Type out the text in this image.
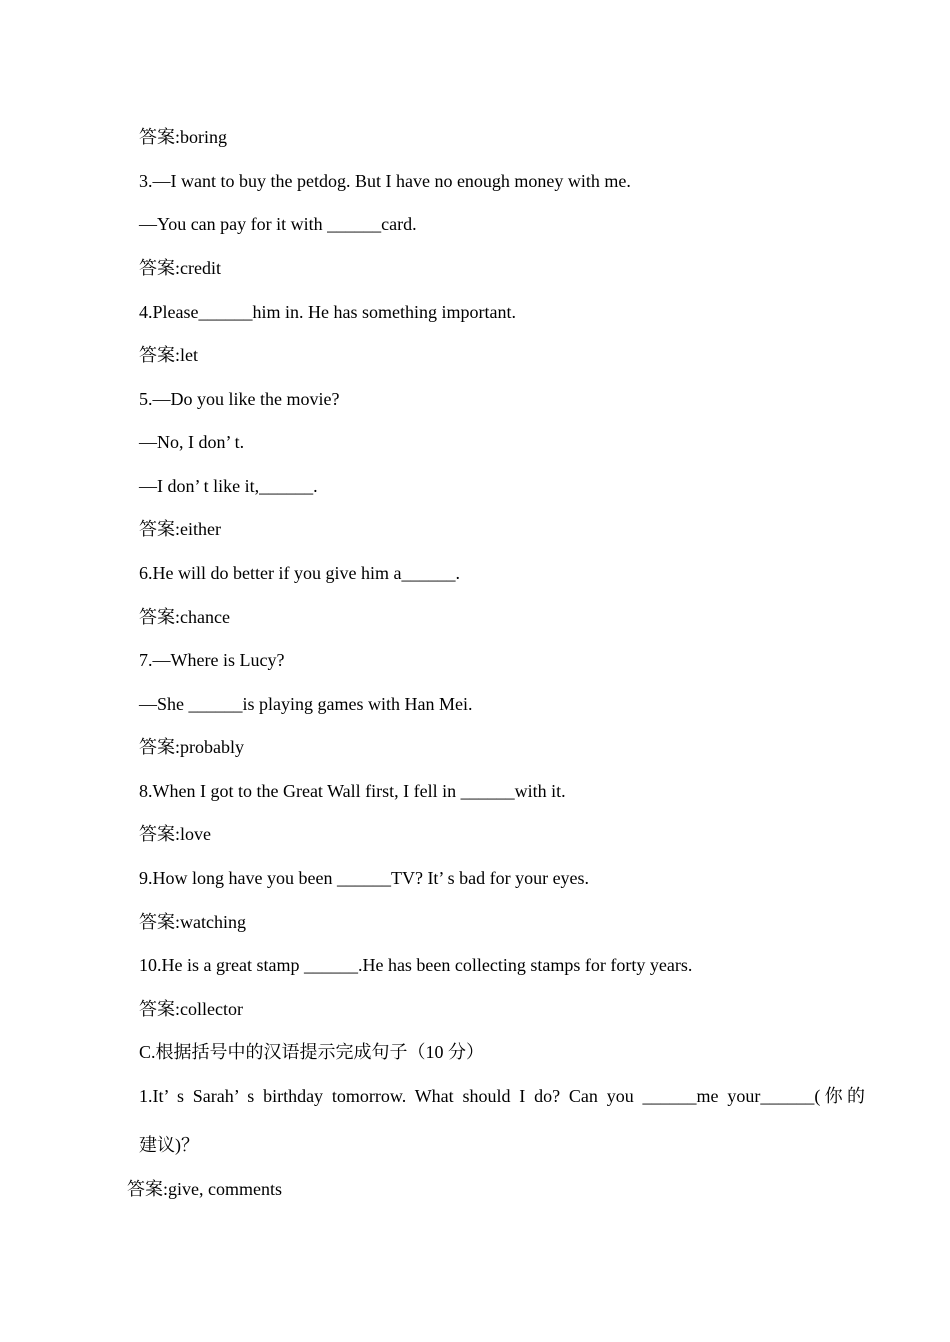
答案:boring
3.—I want to buy the petdog. But I have no enough money with me.
—You can pay for it with ______card.
答案:credit
4.Please______him in. He has something important.
答案:let
5.—Do you like the movie?
—No, I don’ t.
—I don’ t like it,______.
答案:either
6.He will do better if you give him a______.
答案:chance
7.—Where is Lucy?
—She ______is playing games with Han Mei.
答案:probably
8.When I got to the Great Wall first, I fell in ______with it.
答案:love
9.How long have you been ______TV? It’ s bad for your eyes.
答案:watching
10.He is a great stamp ______.He has been collecting stamps for forty years.
答案:collector
C.根据括号中的汉语提示完成句子（10 分）
1.It’ s Sarah’ s birthday tomorrow. What should I do? Can you ______me your______(你的
建议)？
答案:give, comments
